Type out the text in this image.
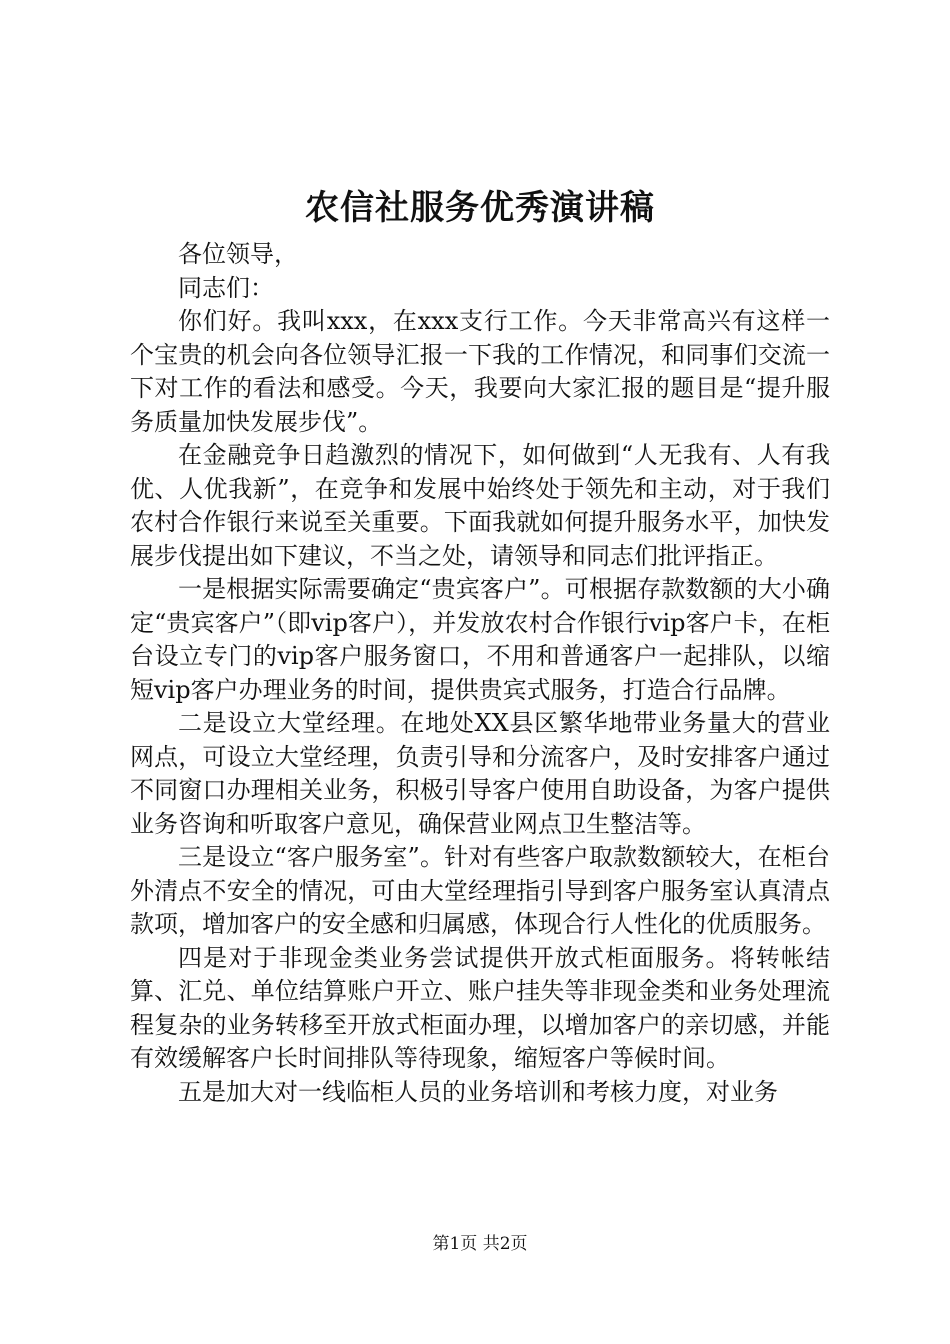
农信社服务优秀演讲稿

各位领导，

同志们：

你们好。我叫xxx，在xxx支行工作。今天非常高兴有这样一个宝贵的机会向各位领导汇报一下我的工作情况，和同事们交流一下对工作的看法和感受。今天，我要向大家汇报的题目是“提升服务质量加快发展步伐”。

在金融竞争日趋激烈的情况下，如何做到“人无我有、人有我优、人优我新”，在竞争和发展中始终处于领先和主动，对于我们农村合作银行来说至关重要。下面我就如何提升服务水平，加快发展步伐提出如下建议，不当之处，请领导和同志们批评指正。

一是根据实际需要确定“贵宾客户”。可根据存款数额的大小确定“贵宾客户”（即vip客户），并发放农村合作银行vip客户卡，在柜台设立专门的vip客户服务窗口，不用和普通客户一起排队，以缩短vip客户办理业务的时间，提供贵宾式服务，打造合行品牌。

二是设立大堂经理。在地处XX县区繁华地带业务量大的营业网点，可设立大堂经理，负责引导和分流客户，及时安排客户通过不同窗口办理相关业务，积极引导客户使用自助设备，为客户提供业务咨询和听取客户意见，确保营业网点卫生整洁等。

三是设立“客户服务室”。针对有些客户取款数额较大，在柜台外清点不安全的情况，可由大堂经理指引导到客户服务室认真清点款项，增加客户的安全感和归属感，体现合行人性化的优质服务。

四是对于非现金类业务尝试提供开放式柜面服务。将转帐结算、汇兑、单位结算账户开立、账户挂失等非现金类和业务处理流程复杂的业务转移至开放式柜面办理，以增加客户的亲切感，并能有效缓解客户长时间排队等待现象，缩短客户等候时间。

五是加大对一线临柜人员的业务培训和考核力度，对业务

第1页 共2页
